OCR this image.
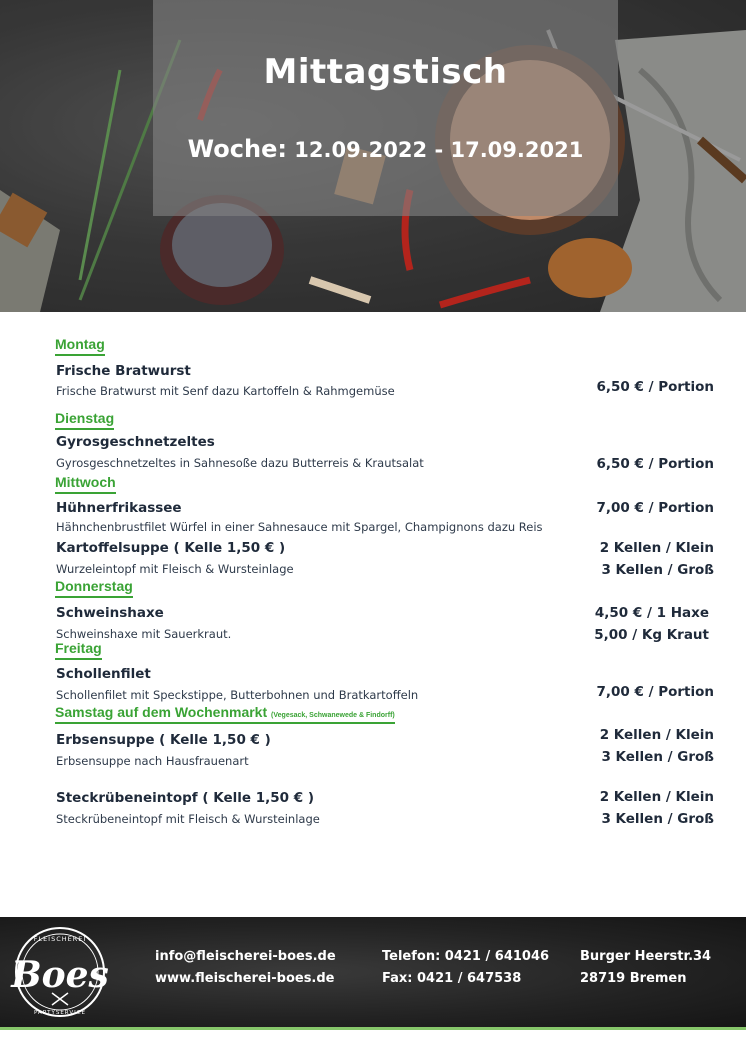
Mittagstisch
Woche: 12.09.2022 - 17.09.2021
Montag
Frische Bratwurst
Frische Bratwurst mit Senf dazu Kartoffeln & Rahmgemüse	6,50 € / Portion
Dienstag
Gyrosgeschnetzeltes
Gyrosgeschnetzeltes in Sahnesoße dazu Butterreis & Krautsalat	6,50 € / Portion
Mittwoch
Hühnerfrikassee	7,00 € / Portion
Hähnchenbrustfilet Würfel in einer Sahnesauce mit Spargel, Champignons dazu Reis
Kartoffelsuppe ( Kelle 1,50 € )	2 Kellen / Klein
Wurzeleintopf mit Fleisch & Wursteinlage	3 Kellen / Groß
Donnerstag
Schweinshaxe	4,50 € / 1 Haxe
Schweinshaxe mit Sauerkraut.	5,00 / Kg Kraut
Freitag
Schollenfilet
Schollenfilet mit Speckstippe, Butterbohnen und Bratkartoffeln	7,00 € / Portion
Samstag auf dem Wochenmarkt (Vegesack, Schwanewede & Findorff)
Erbsensuppe ( Kelle 1,50 € )	2 Kellen / Klein
Erbsensuppe nach Hausfrauenart	3 Kellen / Groß
Steckrübeneintopf ( Kelle 1,50 € )	2 Kellen / Klein
Steckrübeneintopf mit Fleisch & Wursteinlage	3 Kellen / Groß
FLEISCHEREI
Boes
PARTYSERVICE
info@fleischerei-boes.de
www.fleischerei-boes.de
Telefon: 0421 / 641046
Fax: 0421 / 647538
Burger Heerstr.34
28719 Bremen
